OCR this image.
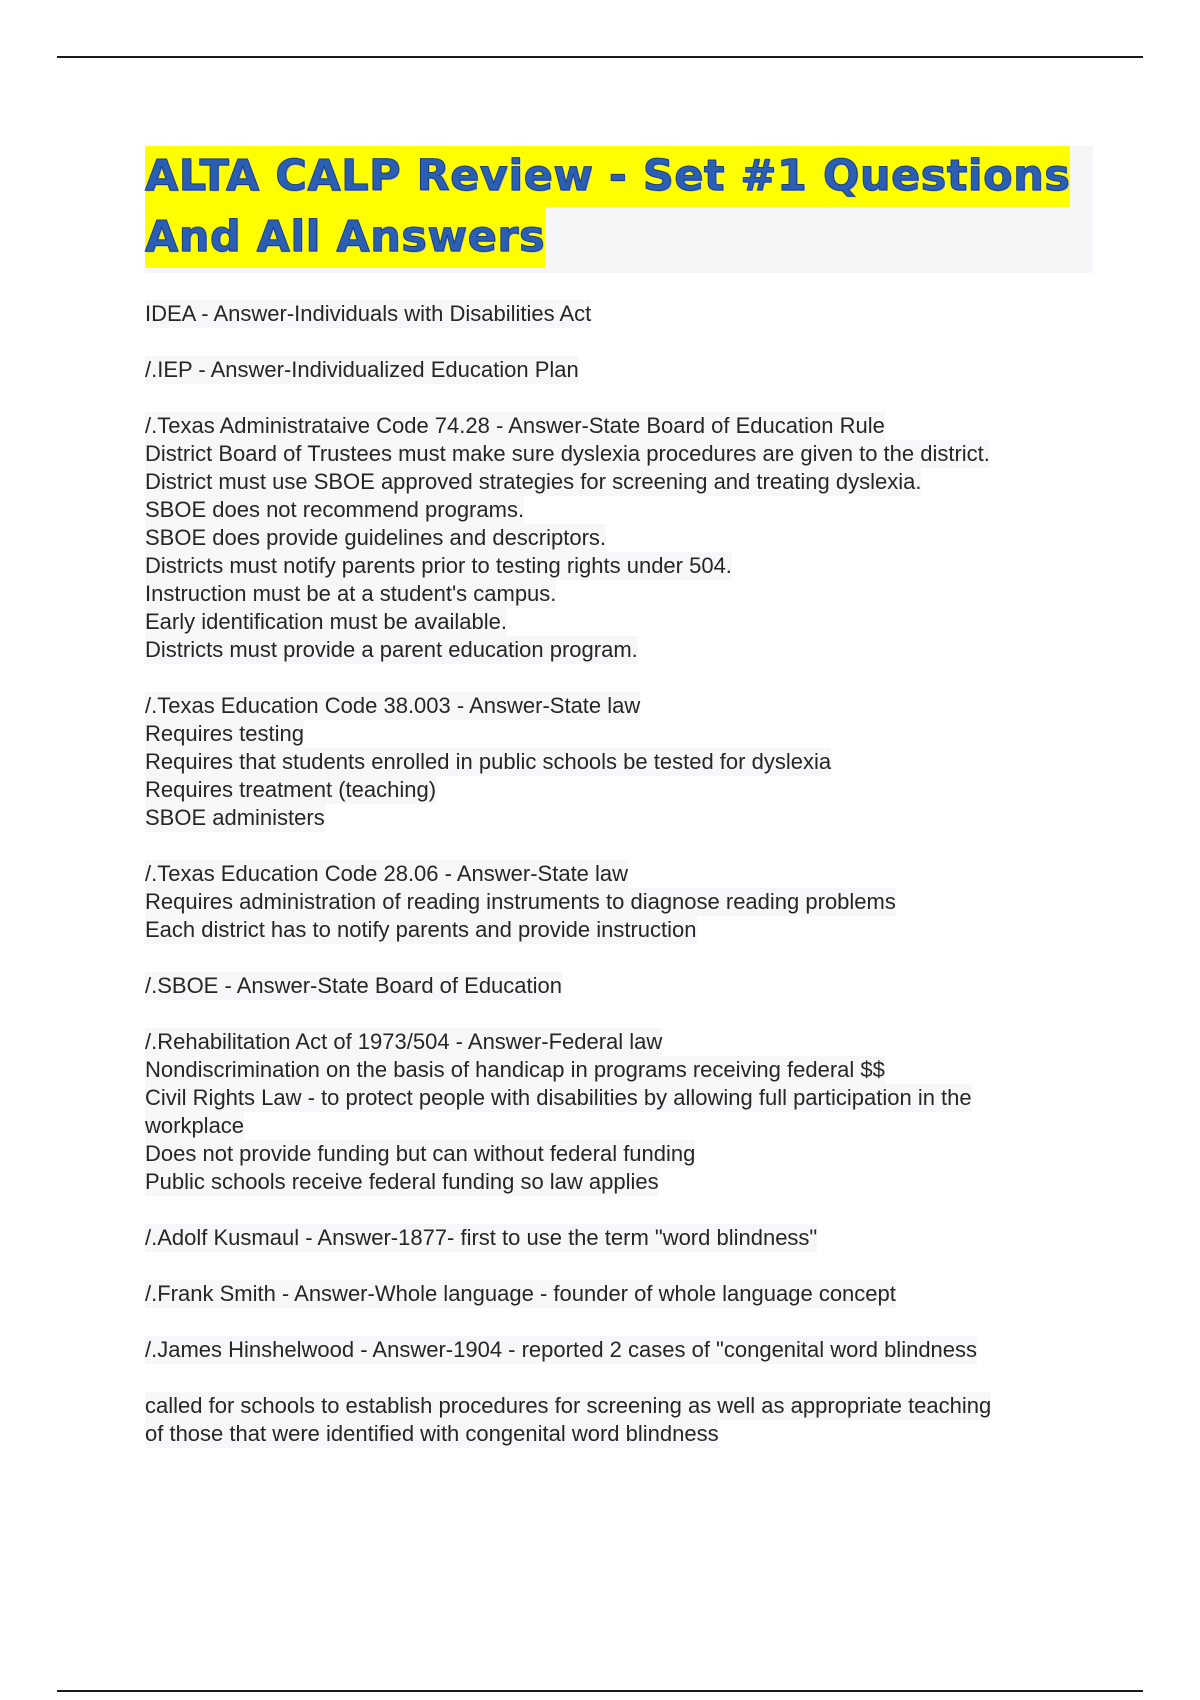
ALTA CALP Review - Set #1 Questions
And All Answers
IDEA - Answer-Individuals with Disabilities Act
/.IEP - Answer-Individualized Education Plan
/.Texas Administrataive Code 74.28 - Answer-State Board of Education Rule
District Board of Trustees must make sure dyslexia procedures are given to the district.
District must use SBOE approved strategies for screening and treating dyslexia.
SBOE does not recommend programs.
SBOE does provide guidelines and descriptors.
Districts must notify parents prior to testing rights under 504.
Instruction must be at a student's campus.
Early identification must be available.
Districts must provide a parent education program.
/.Texas Education Code 38.003 - Answer-State law
Requires testing
Requires that students enrolled in public schools be tested for dyslexia
Requires treatment (teaching)
SBOE administers
/.Texas Education Code 28.06 - Answer-State law
Requires administration of reading instruments to diagnose reading problems
Each district has to notify parents and provide instruction
/.SBOE - Answer-State Board of Education
/.Rehabilitation Act of 1973/504 - Answer-Federal law
Nondiscrimination on the basis of handicap in programs receiving federal $$
Civil Rights Law - to protect people with disabilities by allowing full participation in the
workplace
Does not provide funding but can without federal funding
Public schools receive federal funding so law applies
/.Adolf Kusmaul - Answer-1877- first to use the term "word blindness"
/.Frank Smith - Answer-Whole language - founder of whole language concept
/.James Hinshelwood - Answer-1904 - reported 2 cases of "congenital word blindness
called for schools to establish procedures for screening as well as appropriate teaching
of those that were identified with congenital word blindness
